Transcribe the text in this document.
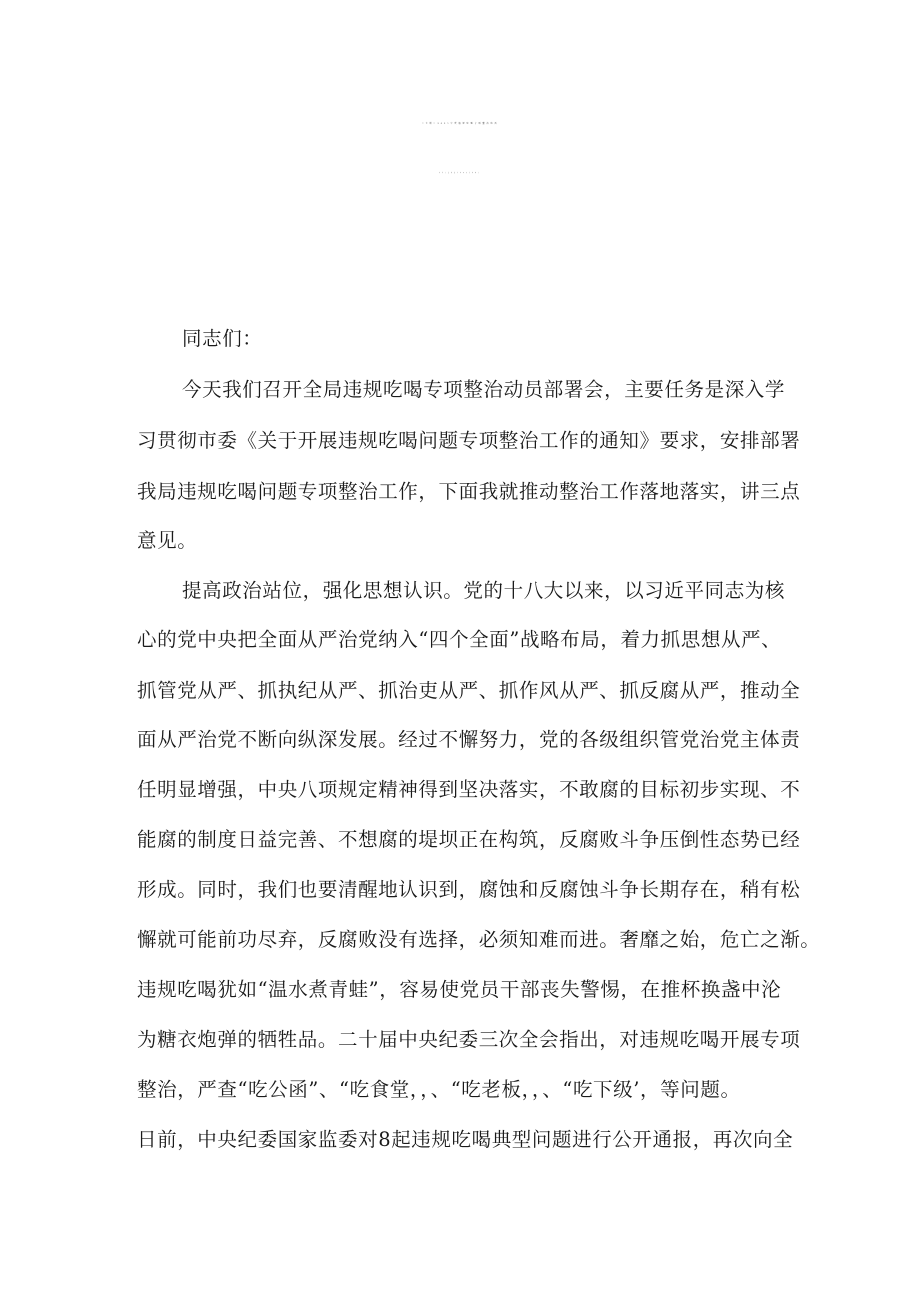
（七篇）2025年度违规吃喝专项整治动员
部署会交流发言材料及心得体会
同志们：
今天我们召开全局违规吃喝专项整治动员部署会，主要任务是深入学
习贯彻市委《关于开展违规吃喝问题专项整治工作的通知》要求，安排部署
我局违规吃喝问题专项整治工作，下面我就推动整治工作落地落实，讲三点
意见。
提高政治站位，强化思想认识。党的十八大以来，以习近平同志为核
心的党中央把全面从严治党纳入“四个全面”战略布局，着力抓思想从严、
抓管党从严、抓执纪从严、抓治吏从严、抓作风从严、抓反腐从严，推动全
面从严治党不断向纵深发展。经过不懈努力，党的各级组织管党治党主体责
任明显增强，中央八项规定精神得到坚决落实，不敢腐的目标初步实现、不
能腐的制度日益完善、不想腐的堤坝正在构筑，反腐败斗争压倒性态势已经
形成。同时，我们也要清醒地认识到，腐蚀和反腐蚀斗争长期存在，稍有松
懈就可能前功尽弃，反腐败没有选择，必须知难而进。奢靡之始，危亡之渐。
违规吃喝犹如“温水煮青蛙”，容易使党员干部丧失警惕，在推杯换盏中沦
为糖衣炮弹的牺牲品。二十届中央纪委三次全会指出，对违规吃喝开展专项
整治，严查“吃公函”、“吃食堂，，、“吃老板，，、“吃下级’，等问题。
日前，中央纪委国家监委对8起违规吃喝典型问题进行公开通报，再次向全
